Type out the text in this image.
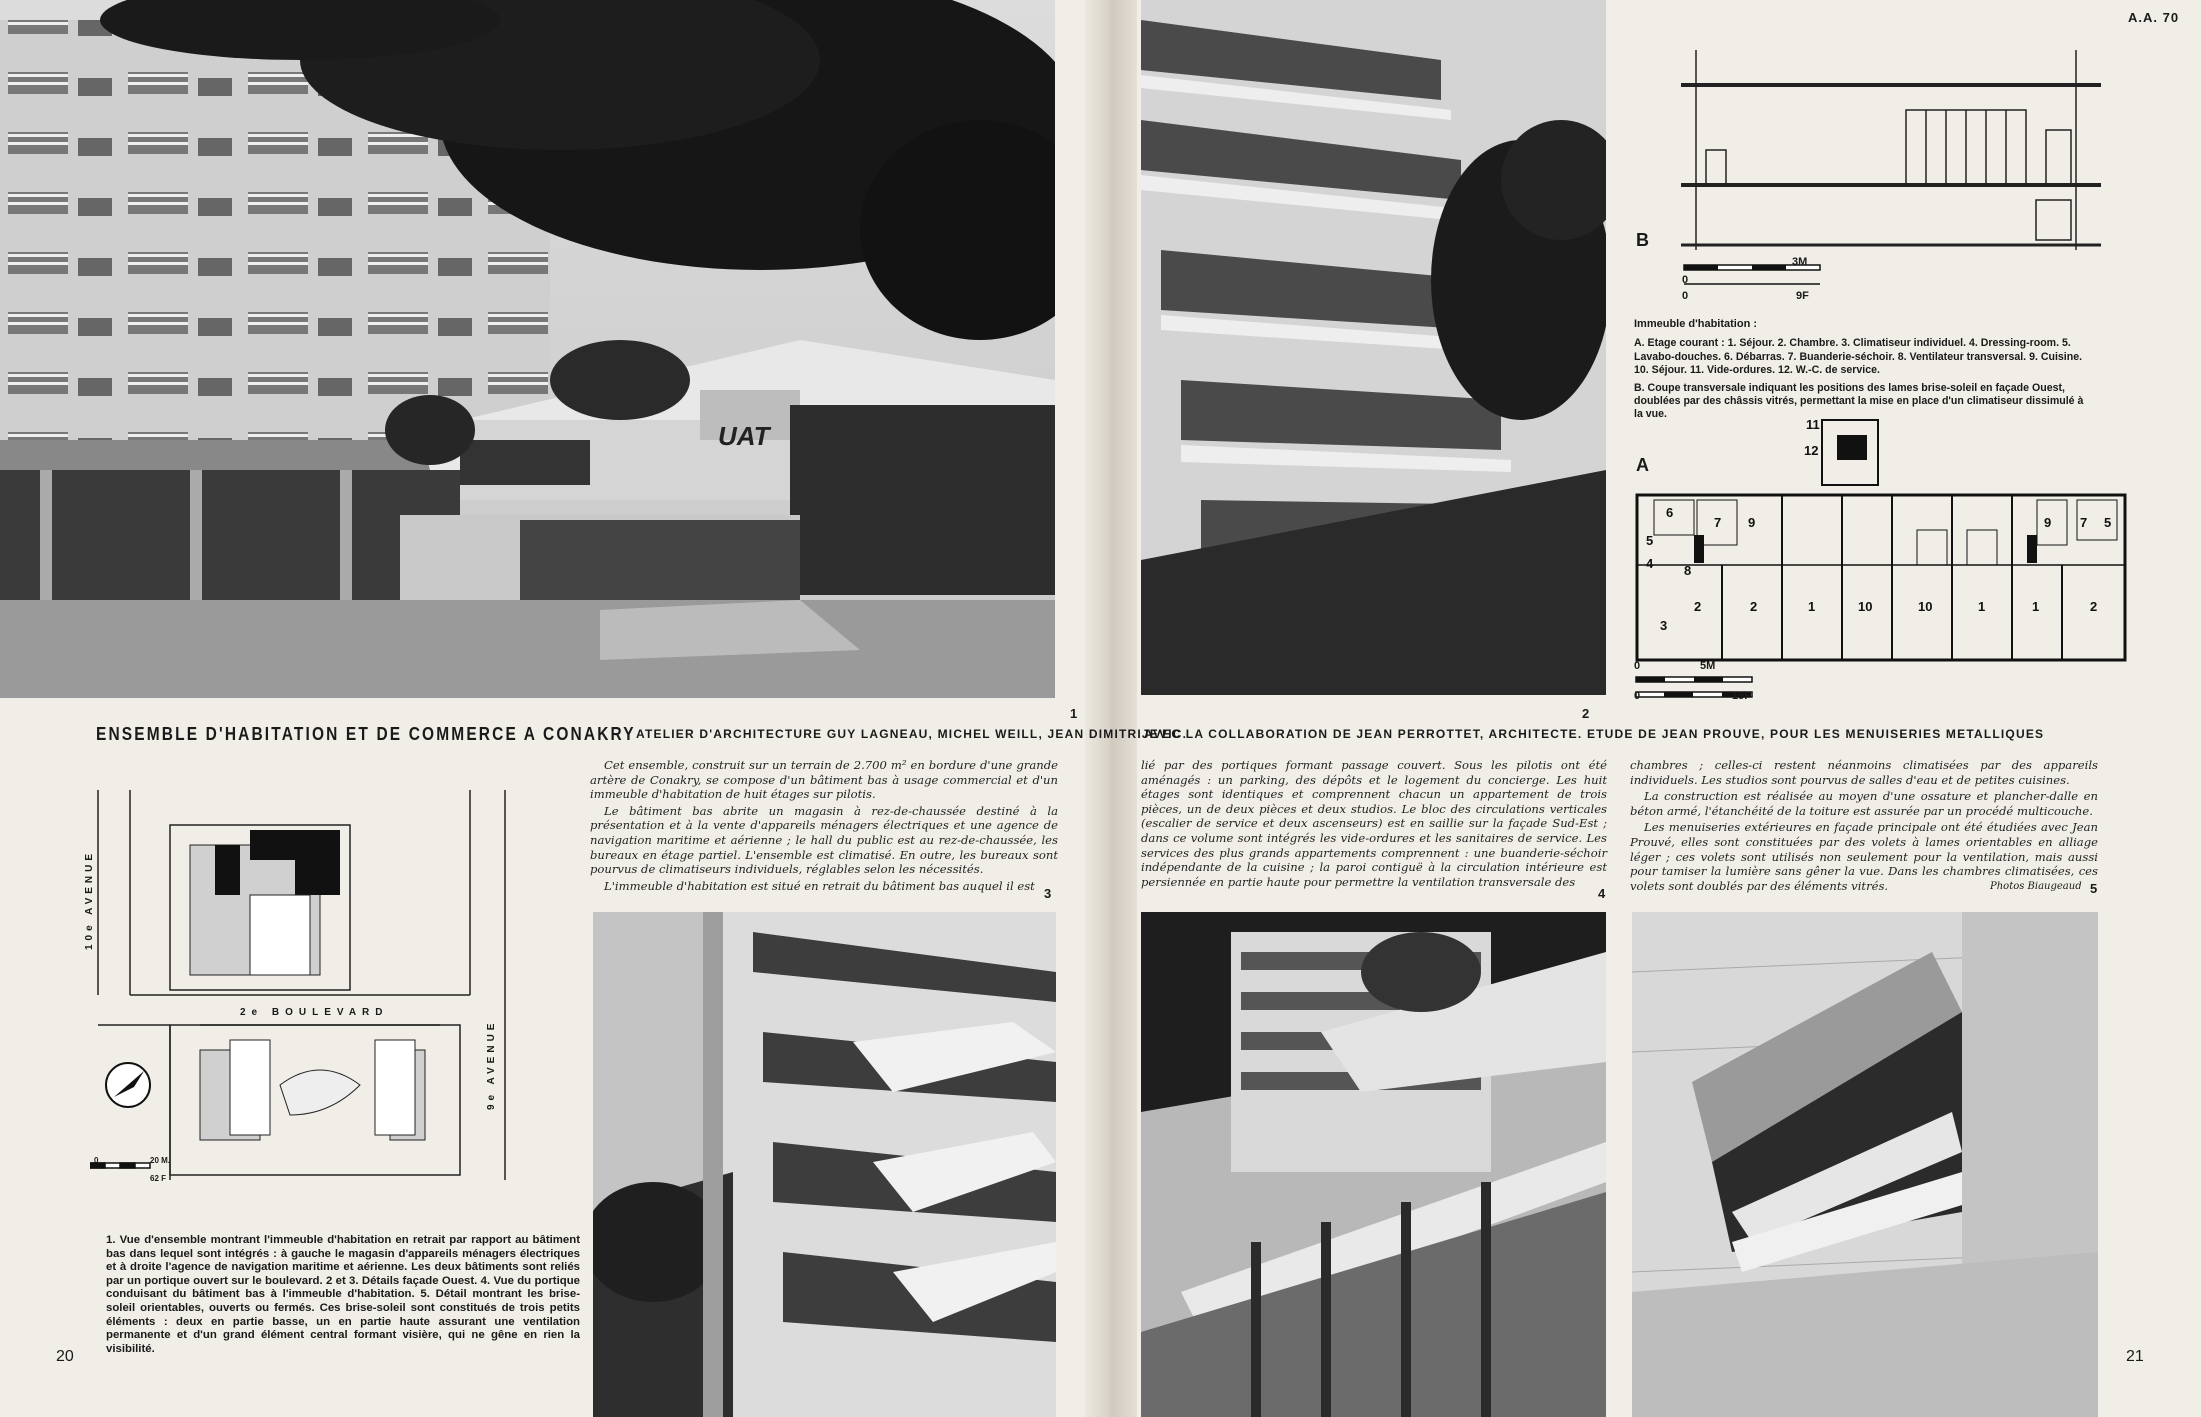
A.A. 70
UAT
1	2
B
0
3M
0	9F
Immeuble d'habitation :

A. Etage courant : 1. Séjour. 2. Chambre. 3. Climatiseur individuel. 4. Dressing-room. 5. Lavabo-douches. 6. Débarras. 7. Buanderie-séchoir. 8. Ventilateur transversal. 9. Cuisine. 10. Séjour. 11. Vide-ordures. 12. W.-C. de service.

B. Coupe transversale indiquant les positions des lames brise-soleil en façade Ouest, doublées par des châssis vitrés, permettant la mise en place d'un climatiseur dissimulé à la vue.

A
11
12
5
6
4
7
8
9
3
2	2	1	10	10	1	1	2
9 7 5
0	5M
0	15F
ENSEMBLE D'HABITATION ET DE COMMERCE A CONAKRY ATELIER D'ARCHITECTURE GUY LAGNEAU, MICHEL WEILL, JEAN DIMITRIJEVIC.
AVEC LA COLLABORATION DE JEAN PERROTTET, ARCHITECTE. ETUDE DE JEAN PROUVE, POUR LES MENUISERIES METALLIQUES
10e AVENUE
9e AVENUE
2e BOULEVARD
0	20 M.
62 F

Cet ensemble, construit sur un terrain de 2.700 m² en bordure d'une grande artère de Conakry, se compose d'un bâtiment bas à usage commercial et d'un immeuble d'habitation de huit étages sur pilotis.

Le bâtiment bas abrite un magasin à rez-de-chaussée destiné à la présentation et à la vente d'appareils ménagers électriques et une agence de navigation maritime et aérienne ; le hall du public est au rez-de-chaussée, les bureaux en étage partiel. L'ensemble est climatisé. En outre, les bureaux sont pourvus de climatiseurs individuels, réglables selon les nécessités.

L'immeuble d'habitation est situé en retrait du bâtiment bas auquel il est

lié par des portiques formant passage couvert. Sous les pilotis ont été aménagés : un parking, des dépôts et le logement du concierge. Les huit étages sont identiques et comprennent chacun un appartement de trois pièces, un de deux pièces et deux studios. Le bloc des circulations verticales (escalier de service et deux ascenseurs) est en saillie sur la façade Sud-Est ; dans ce volume sont intégrés les vide-ordures et les sanitaires de service. Les services des plus grands appartements comprennent : une buanderie-séchoir indépendante de la cuisine ; la paroi contiguë à la circulation intérieure est persiennée en partie haute pour permettre la ventilation transversale des

chambres ; celles-ci restent néanmoins climatisées par des appareils individuels. Les studios sont pourvus de salles d'eau et de petites cuisines.

La construction est réalisée au moyen d'une ossature et plancher-dalle en béton armé, l'étanchéité de la toiture est assurée par un procédé multicouche.

Les menuiseries extérieures en façade principale ont été étudiées avec Jean Prouvé, elles sont constituées par des volets à lames orientables en alliage léger ; ces volets sont utilisés non seulement pour la ventilation, mais aussi pour tamiser la lumière sans gêner la vue. Dans les chambres climatisées, ces volets sont doublés par des éléments vitrés.	Photos Biaugeaud
3	4	5
1. Vue d'ensemble montrant l'immeuble d'habitation en retrait par rapport au bâtiment bas dans lequel sont intégrés : à gauche le magasin d'appareils ménagers électriques et à droite l'agence de navigation maritime et aérienne. Les deux bâtiments sont reliés par un portique ouvert sur le boulevard. 2 et 3. Détails façade Ouest. 4. Vue du portique conduisant du bâtiment bas à l'immeuble d'habitation. 5. Détail montrant les brise-soleil orientables, ouverts ou fermés. Ces brise-soleil sont constitués de trois petits éléments : deux en partie basse, un en partie haute assurant une ventilation permanente et d'un grand élément central formant visière, qui ne gêne en rien la visibilité.
20	21
